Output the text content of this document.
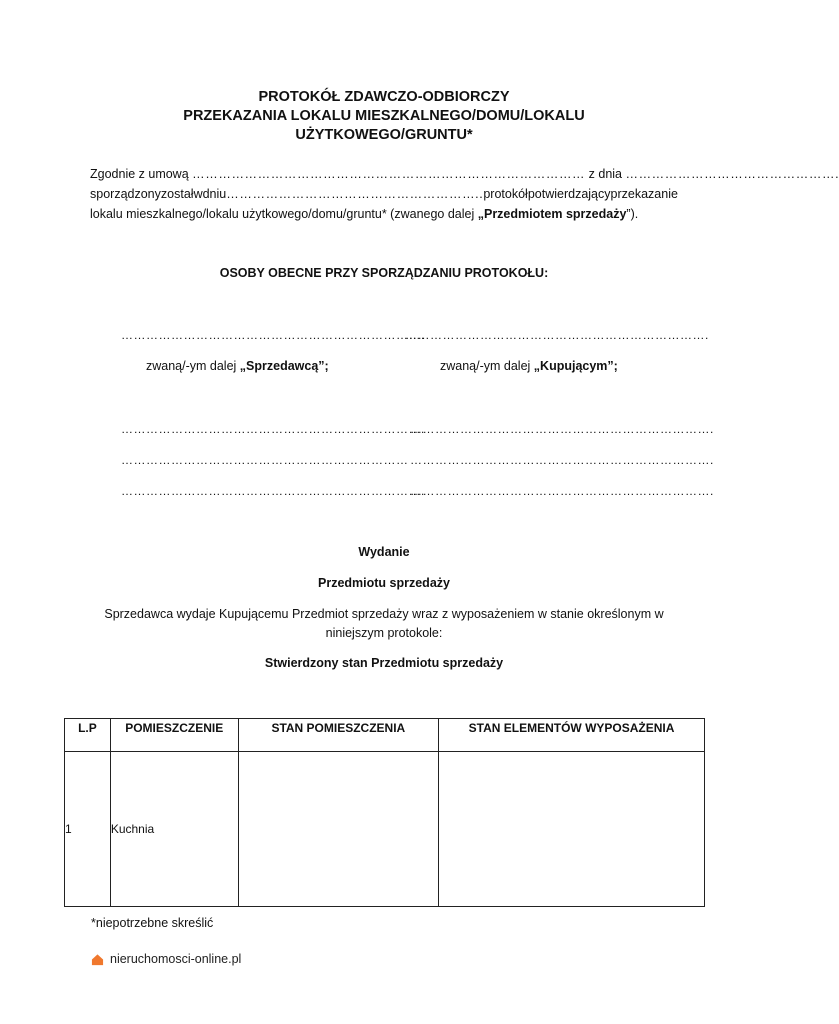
PROTOKÓŁ ZDAWCZO-ODBIORCZY
PRZEKAZANIA LOKALU MIESZKALNEGO/DOMU/LOKALU
UŻYTKOWEGO/GRUNTU*
Zgodnie z umową
………………………………………………………………………………
z dnia
………………………………………….
sporządzony został w dniu ………………………………………………….. protokół potwierdzający przekazanie
lokalu mieszkalnego/lokalu użytkowego/domu/gruntu* (zwanego dalej „Przedmiotem sprzedaży”).
OSOBY OBECNE PRZY SPORZĄDZANIU PROTOKOŁU:
……………………………………………………………….
……………………………………………………………….
zwaną/-ym dalej „Sprzedawcą”;	zwaną/-ym dalej „Kupującym”;
……………………………………………………………….
……………………………………………………………
……………………………………………………………….
……………………………………………………………….
……………………………………………………………….
……………………………………………………………….
Wydanie
Przedmiotu sprzedaży
Sprzedawca wydaje Kupującemu Przedmiot sprzedaży wraz z wyposażeniem w stanie określonym w
niniejszym protokole:
Stwierdzony stan Przedmiotu sprzedaży
L.P	POMIESZCZENIE	STAN POMIESZCZENIA	STAN ELEMENTÓW WYPOSAŻENIA
1	Kuchnia		
*niepotrzebne skreślić
nieruchomosci-online.pl
